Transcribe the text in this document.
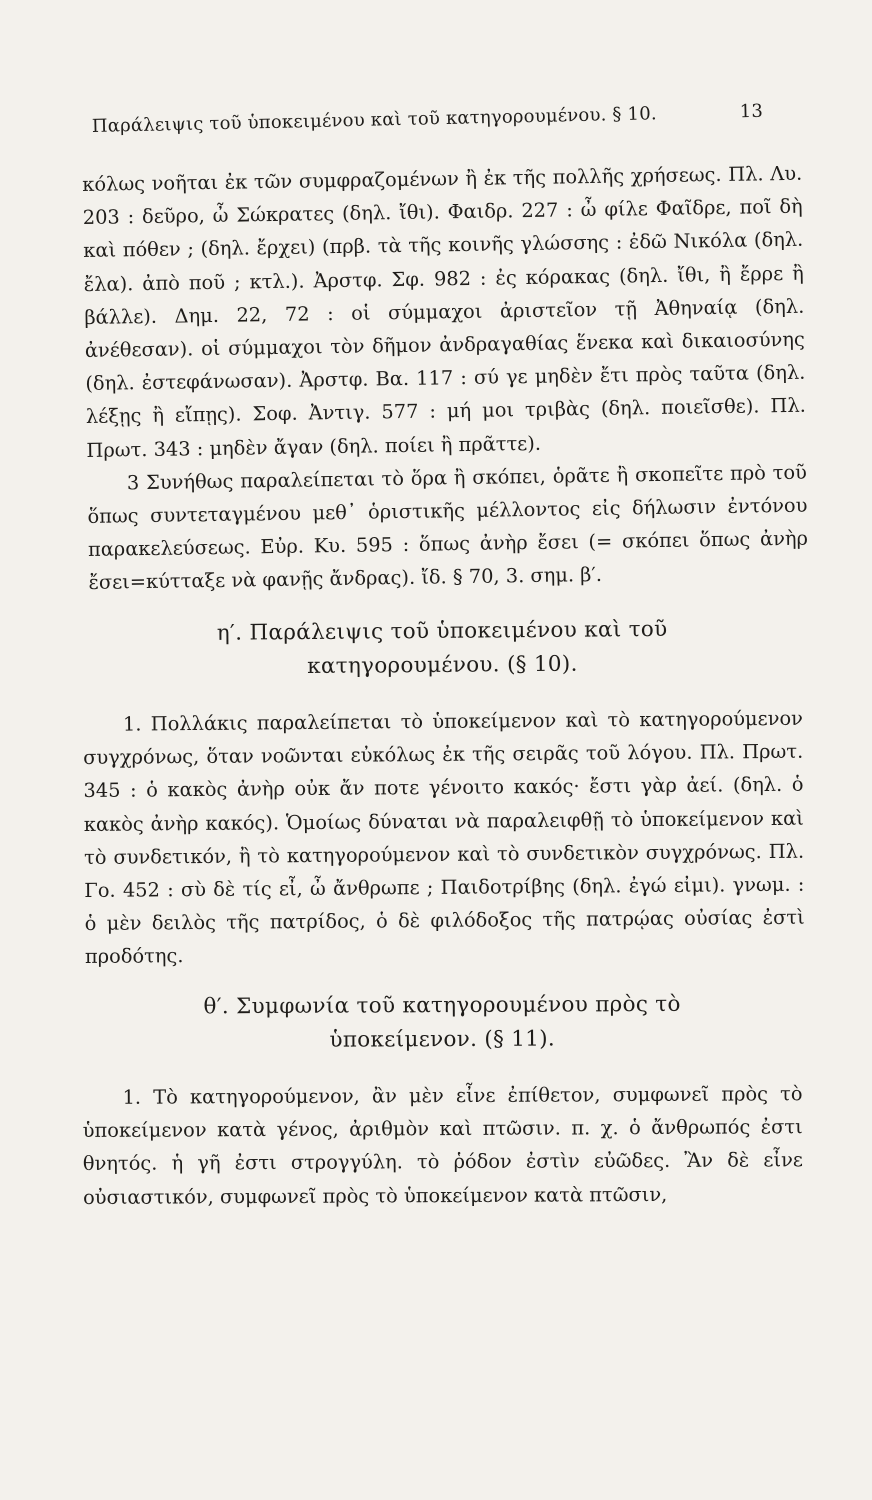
Παράλειψις τοῦ ὑποκειμένου καὶ τοῦ κατηγορουμένου. § 10.	13

κόλως νοῆται ἐκ τῶν συμφραζομένων ἢ ἐκ τῆς πολλῆς χρήσεως. Πλ. Λυ. 203 : δεῦρο, ὦ Σώκρατες (δηλ. ἴθι). Φαιδρ. 227 : ὦ φίλε Φαῖδρε, ποῖ δὴ καὶ πόθεν ; (δηλ. ἔρχει) (πρβ. τὰ τῆς κοινῆς γλώσσης : ἐδῶ Νικόλα (δηλ. ἔλα). ἀπὸ ποῦ ; κτλ.). Ἀρστφ. Σφ. 982 : ἐς κόρακας (δηλ. ἴθι, ἢ ἔρρε ἢ βάλλε). Δημ. 22, 72 : οἱ σύμμαχοι ἀριστεῖον τῇ Ἀθηναίᾳ (δηλ. ἀνέθεσαν). οἱ σύμμαχοι τὸν δῆμον ἀνδραγαθίας ἕνεκα καὶ δικαιοσύνης (δηλ. ἐστεφάνωσαν). Ἀρστφ. Βα. 117 : σύ γε μηδὲν ἔτι πρὸς ταῦτα (δηλ. λέξῃς ἢ εἴπῃς). Σοφ. Ἀντιγ. 577 : μή μοι τριβὰς (δηλ. ποιεῖσθε). Πλ. Πρωτ. 343 : μηδὲν ἄγαν (δηλ. ποίει ἢ πρᾶττε).

3 Συνήθως παραλείπεται τὸ ὅρα ἢ σκόπει, ὁρᾶτε ἢ σκοπεῖτε πρὸ τοῦ ὅπως συντεταγμένου μεθ᾽ ὁριστικῆς μέλλοντος εἰς δήλωσιν ἐντόνου παρακελεύσεως. Εὐρ. Κυ. 595 : ὅπως ἀνὴρ ἔσει (= σκόπει ὅπως ἀνὴρ ἔσει=κύτταξε νὰ φανῇς ἄνδρας). ἴδ. § 70, 3. σημ. β′.

η′. Παράλειψις τοῦ ὑποκειμένου καὶ τοῦ
κατηγορουμένου. (§ 10).

1. Πολλάκις παραλείπεται τὸ ὑποκείμενον καὶ τὸ κατηγορούμενον συγχρόνως, ὅταν νοῶνται εὐκόλως ἐκ τῆς σειρᾶς τοῦ λόγου. Πλ. Πρωτ. 345 : ὁ κακὸς ἀνὴρ οὐκ ἄν ποτε γένοιτο κακός· ἔστι γὰρ ἀεί. (δηλ. ὁ κακὸς ἀνὴρ κακός). Ὁμοίως δύναται νὰ παραλειφθῇ τὸ ὑποκείμενον καὶ τὸ συνδετικόν, ἢ τὸ κατηγορούμενον καὶ τὸ συνδετικὸν συγχρόνως. Πλ. Γο. 452 : σὺ δὲ τίς εἶ, ὦ ἄνθρωπε ; Παιδοτρίβης (δηλ. ἐγώ εἰμι). γνωμ. : ὁ μὲν δειλὸς τῆς πατρίδος, ὁ δὲ φιλόδοξος τῆς πατρῴας οὐσίας ἐστὶ προδότης.

θ′. Συμφωνία τοῦ κατηγορουμένου πρὸς τὸ
ὑποκείμενον. (§ 11).

1. Τὸ κατηγορούμενον, ἂν μὲν εἶνε ἐπίθετον, συμφωνεῖ πρὸς τὸ ὑποκείμενον κατὰ γένος, ἀριθμὸν καὶ πτῶσιν. π. χ. ὁ ἄνθρωπός ἐστι θνητός. ἡ γῆ ἐστι στρογγύλη. τὸ ῥόδον ἐστὶν εὐῶδες. Ἂν δὲ εἶνε οὐσιαστικόν, συμφωνεῖ πρὸς τὸ ὑποκείμενον κατὰ πτῶσιν,
